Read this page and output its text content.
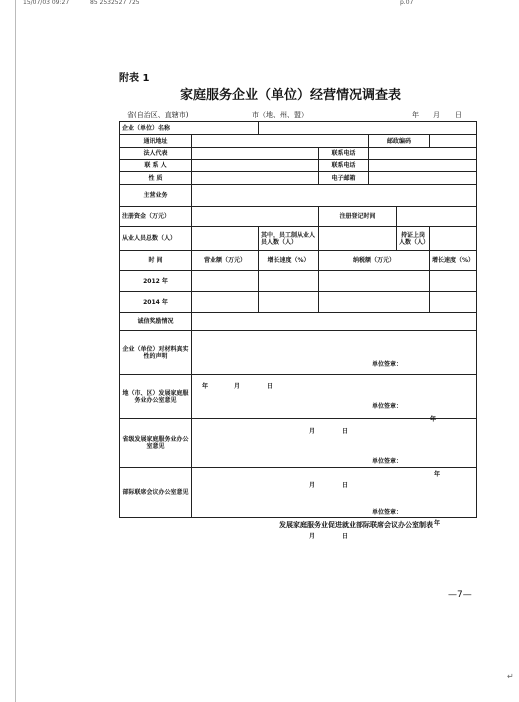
15/07/03 09:27	85 2532527 725	p.07
附表 1
家庭服务企业（单位）经营情况调查表
省(自治区、直辖市)	市（地、州、盟）	年 月 日
企业（单位）名称						
通讯地址				邮政编码		
法人代表			联系电话			
联 系 人			联系电话			
性 质			电子邮箱			
主营业务						
注册资金（万元）			注册登记时间			
从业人员总数（人）		其中，员工制从业人员人数（人）			持证上岗人数（人）	
时 间	营业额（万元）	增长速度（%）	纳税额（万元）			增长速度（%）
2012 年						
2014 年						
诚信奖励情况						
企业（单位）对材料真实性的声明	单位签章：
年 月 日					

地（市、区）发展家庭服务业办公室意见	单位签章：
年
月 日					

省级发展家庭服务业办公室意见	单位签章：
年
月 日					

部际联席会议办公室意见	单位签章：
年
月 日					
发展家庭服务业促进就业部际联席会议办公室制表
—7—
↵
